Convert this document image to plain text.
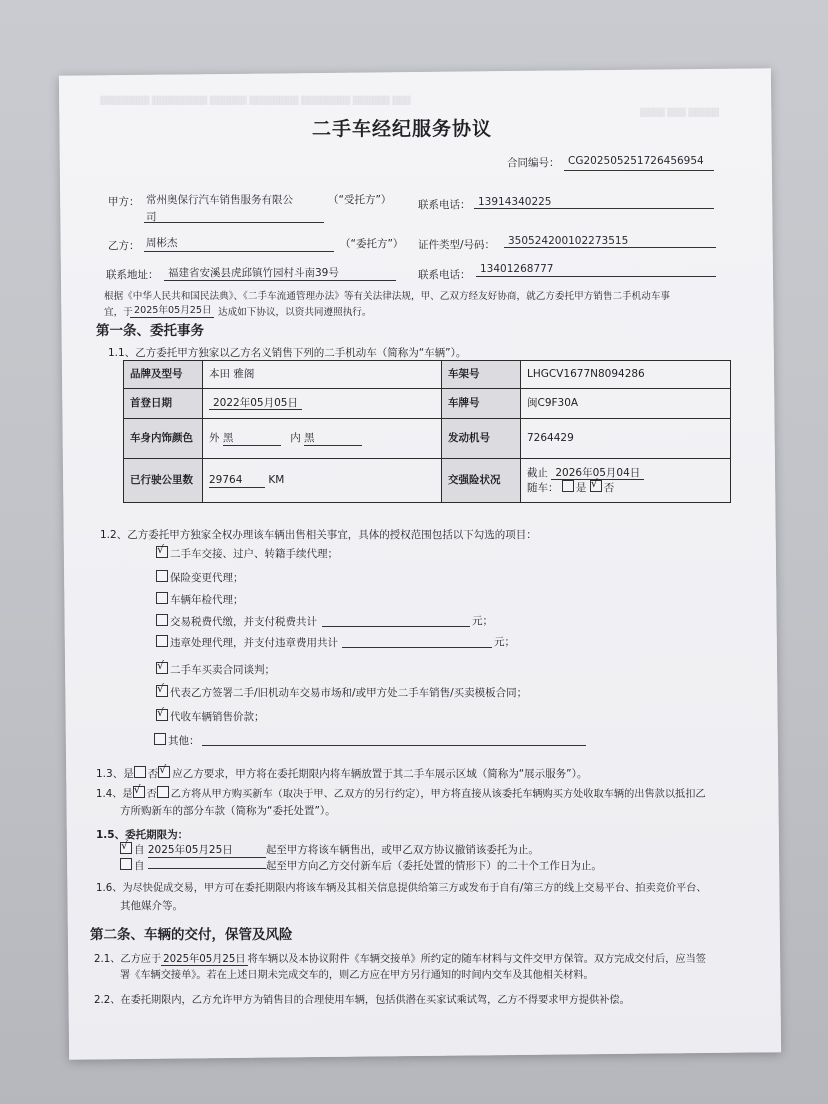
▓▓▓▓ ▓▓▓ ▓▓▓▓▓
▓▓▓▓▓▓▓▓ ▓▓▓▓▓▓▓▓▓ ▓▓▓▓▓▓ ▓▓▓▓▓▓▓▓ ▓▓▓▓▓▓▓▓ ▓▓▓▓▓▓ ▓▓▓
二手车经纪服务协议
合同编号： CG202505251726456954
甲方： 常州奥保行汽车销售服务有限公	（“受托方”）
司
联系电话： 13914340225
乙方： 周彬杰	（“委托方”） 证件类型/号码： 350524200102273515
联系地址： 福建省安溪县虎邱镇竹园村斗南39号	联系电话： 13401268777
根据《中华人民共和国民法典》、《二手车流通管理办法》等有关法律法规，甲、乙双方经友好协商，就乙方委托甲方销售二手机动车事
宜，于 2025年05月25日 达成如下协议，以资共同遵照执行。
第一条、委托事务
1.1、乙方委托甲方独家以乙方名义销售下列的二手机动车（简称为“车辆”）。
品牌及型号	本田 雅阁	车架号	LHGCV1677N8094286
首登日期	2022年05月05日	车牌号	闽C9F30A
车身内饰颜色	外 黑 内 黑	发动机号	7264429
已行驶公里数	29764 KM	交强险状况	截止 2026年05月04日
随车： 是 √ 否
1.2、乙方委托甲方独家全权办理该车辆出售相关事宜，具体的授权范围包括以下勾选的项目：
√二手车交接、过户、转籍手续代理；
保险变更代理；
车辆年检代理；
交易税费代缴，并支付税费共计	元；
违章处理代理，并支付违章费用共计	元；
√二手车买卖合同谈判；
√代表乙方签署二手/旧机动车交易市场和/或甲方处二手车销售/买卖模板合同；
√代收车辆销售价款；
其他：
1.3、是 否 √ 应乙方要求，甲方将在委托期限内将车辆放置于其二手车展示区域（简称为“展示服务”）。
1.4、是 √ 否 乙方将从甲方购买新车（取决于甲、乙双方的另行约定），甲方将直接从该委托车辆购买方处收取车辆的出售款以抵扣乙
方所购新车的部分车款（简称为“委托处置”）。
1.5、委托期限为：
√自 2025年05月25日	起至甲方将该车辆售出，或甲乙双方协议撤销该委托为止。
自	起至甲方向乙方交付新车后（委托处置的情形下）的二十个工作日为止。
1.6、为尽快促成交易，甲方可在委托期限内将该车辆及其相关信息提供给第三方或发布于自有/第三方的线上交易平台、拍卖竞价平台、
其他媒介等。
第二条、车辆的交付，保管及风险
2.1、乙方应于 2025年05月25日 将车辆以及本协议附件《车辆交接单》所约定的随车材料与文件交甲方保管。双方完成交付后，应当签
署《车辆交接单》。若在上述日期未完成交车的，则乙方应在甲方另行通知的时间内交车及其他相关材料。
2.2、在委托期限内，乙方允许甲方为销售目的合理使用车辆，包括供潜在买家试乘试驾，乙方不得要求甲方提供补偿。
